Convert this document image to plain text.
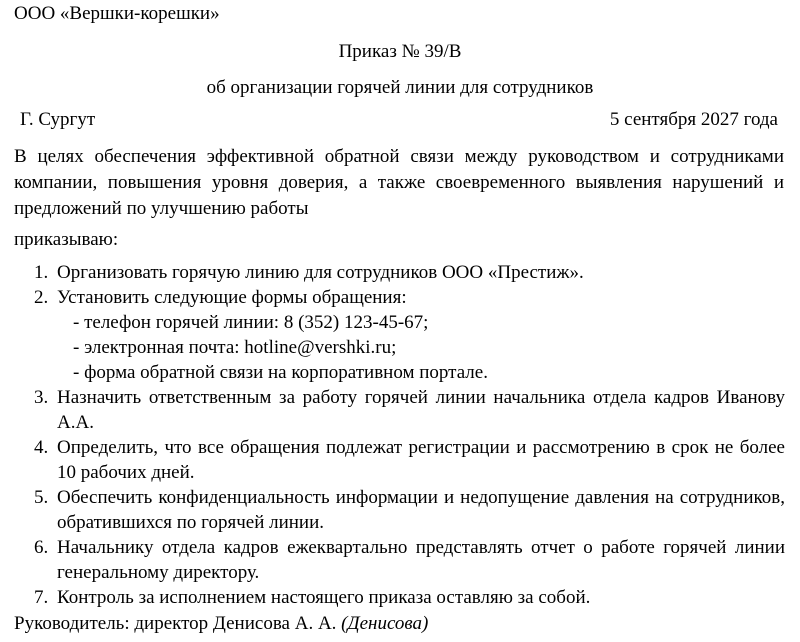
ООО «Вершки-корешки»
Приказ № 39/В
об организации горячей линии для сотрудников
Г. Сургут	5 сентября 2027 года
В целях обеспечения эффективной обратной связи между руководством и сотрудниками компании, повышения уровня доверия, а также своевременного выявления нарушений и предложений по улучшению работы
приказываю:
1. Организовать горячую линию для сотрудников ООО «Престиж».
2. Установить следующие формы обращения:
- телефон горячей линии: 8 (352) 123-45-67;
- электронная почта: hotline@vershki.ru;
- форма обратной связи на корпоративном портале.
3. Назначить ответственным за работу горячей линии начальника отдела кадров Иванову А.А.
4. Определить, что все обращения подлежат регистрации и рассмотрению в срок не более 10 рабочих дней.
5. Обеспечить конфиденциальность информации и недопущение давления на сотрудников, обратившихся по горячей линии.
6. Начальнику отдела кадров ежеквартально представлять отчет о работе горячей линии генеральному директору.
7. Контроль за исполнением настоящего приказа оставляю за собой.
Руководитель: директор Денисова А. А. (Денисова)
